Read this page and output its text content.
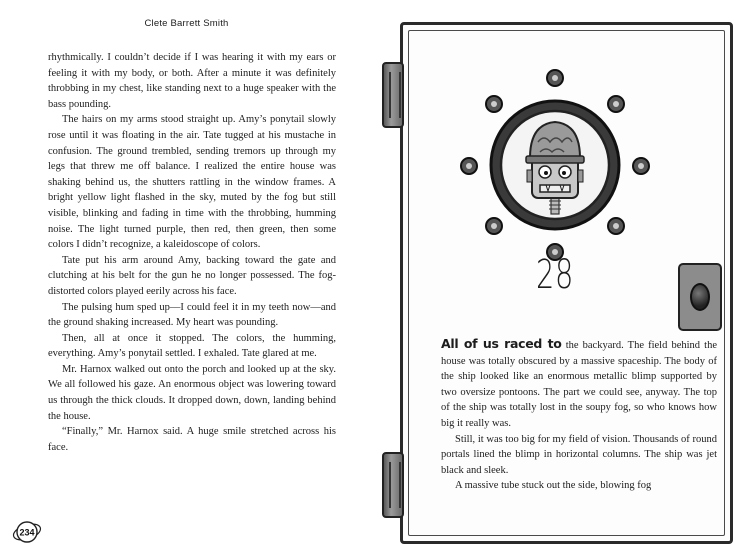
Clete Barrett Smith

rhythmically. I couldn’t decide if I was hearing it with my ears or feeling it with my body, or both. After a minute it was definitely throbbing in my chest, like standing next to a huge speaker with the bass pounding.

The hairs on my arms stood straight up. Amy’s ponytail slowly rose until it was floating in the air. Tate tugged at his mustache in confusion. The ground trembled, sending tremors up through my legs that threw me off balance. I realized the entire house was shaking behind us, the shutters rattling in the window frames. A bright yellow light flashed in the sky, muted by the fog but still visible, blinking and fading in time with the throbbing, humming noise. The light turned purple, then red, then green, then some colors I didn’t recognize, a kaleidoscope of colors.

Tate put his arm around Amy, backing toward the gate and clutching at his belt for the gun he no longer possessed. The fog-distorted colors played eerily across his face.

The pulsing hum sped up—I could feel it in my teeth now—and the ground shaking increased. My heart was pounding.

Then, all at once it stopped. The colors, the humming, everything. Amy’s ponytail settled. I exhaled. Tate glared at me.

Mr. Harnox walked out onto the porch and looked up at the sky. We all followed his gaze. An enormous object was lowering toward us through the thick clouds. It dropped down, down, landing behind the house.

“Finally,” Mr. Harnox said. A huge smile stretched across his face.

234
28

All of us raced to the backyard. The field behind the house was totally obscured by a massive spaceship. The body of the ship looked like an enormous metallic blimp supported by two oversize pontoons. The part we could see, anyway. The top of the ship was totally lost in the soupy fog, so who knows how big it really was.

Still, it was too big for my field of vision. Thousands of round portals lined the blimp in horizontal columns. The ship was jet black and sleek.

A massive tube stuck out the side, blowing fog
